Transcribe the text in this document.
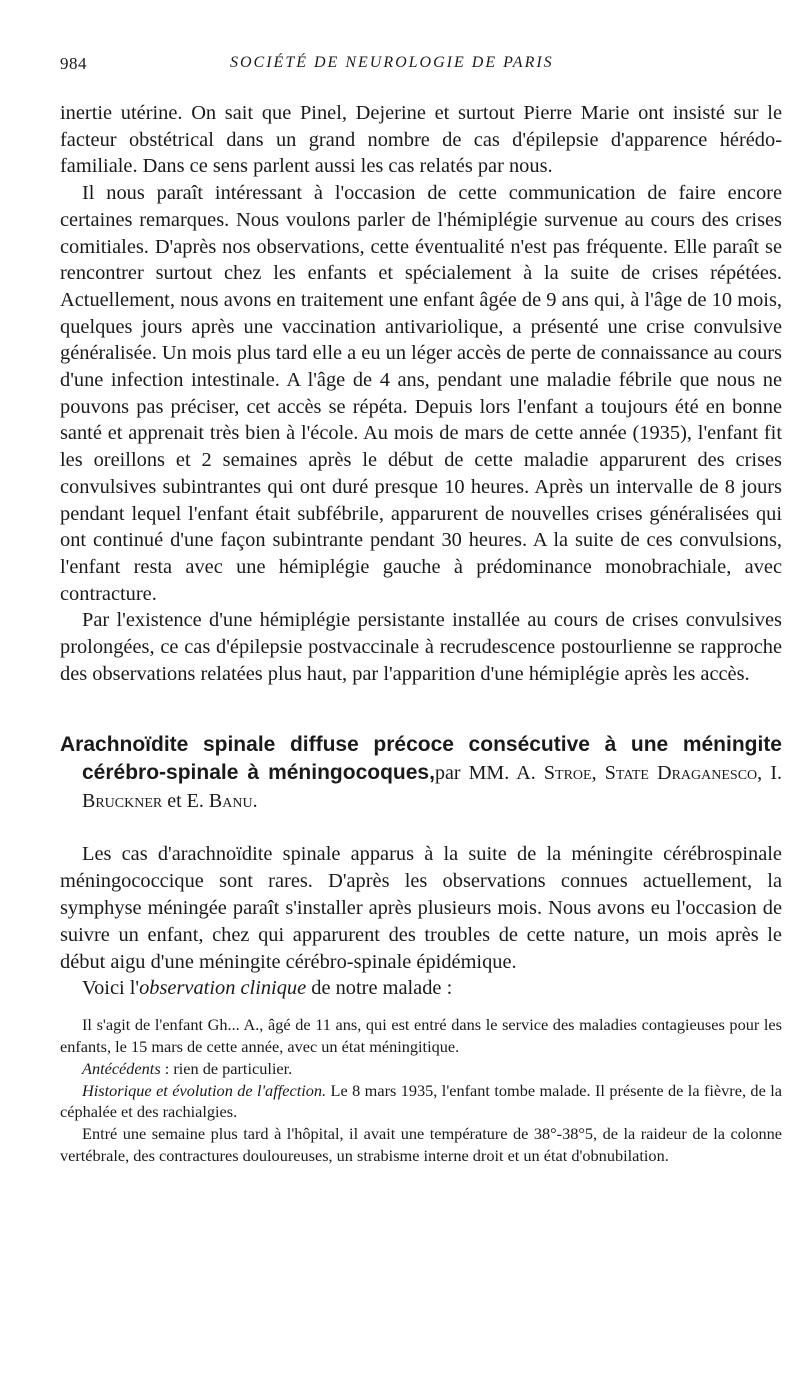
984	SOCIÉTÉ DE NEUROLOGIE DE PARIS

inertie utérine. On sait que Pinel, Dejerine et surtout Pierre Marie ont insisté sur le facteur obstétrical dans un grand nombre de cas d'épilepsie d'apparence hérédo-familiale. Dans ce sens parlent aussi les cas relatés par nous.

Il nous paraît intéressant à l'occasion de cette communication de faire encore certaines remarques. Nous voulons parler de l'hémiplégie survenue au cours des crises comitiales. D'après nos observations, cette éventualité n'est pas fréquente. Elle paraît se rencontrer surtout chez les enfants et spécialement à la suite de crises répétées. Actuellement, nous avons en traitement une enfant âgée de 9 ans qui, à l'âge de 10 mois, quelques jours après une vaccination antivariolique, a présenté une crise convulsive généralisée. Un mois plus tard elle a eu un léger accès de perte de connaissance au cours d'une infection intestinale. A l'âge de 4 ans, pendant une maladie fébrile que nous ne pouvons pas préciser, cet accès se répéta. Depuis lors l'enfant a toujours été en bonne santé et apprenait très bien à l'école. Au mois de mars de cette année (1935), l'enfant fit les oreillons et 2 semaines après le début de cette maladie apparurent des crises convulsives subintrantes qui ont duré presque 10 heures. Après un intervalle de 8 jours pendant lequel l'enfant était subfébrile, apparurent de nouvelles crises généralisées qui ont continué d'une façon subintrante pendant 30 heures. A la suite de ces convulsions, l'enfant resta avec une hémiplégie gauche à prédominance monobrachiale, avec contracture.

Par l'existence d'une hémiplégie persistante installée au cours de crises convulsives prolongées, ce cas d'épilepsie postvaccinale à recrudescence postourlienne se rapproche des observations relatées plus haut, par l'apparition d'une hémiplégie après les accès.

Arachnoïdite spinale diffuse précoce consécutive à une méningite cérébro-spinale à méningocoques,par MM. A. Stroe, State Draganesco, I. Bruckner et E. Banu.

Les cas d'arachnoïdite spinale apparus à la suite de la méningite cérébrospinale méningococcique sont rares. D'après les observations connues actuellement, la symphyse méningée paraît s'installer après plusieurs mois. Nous avons eu l'occasion de suivre un enfant, chez qui apparurent des troubles de cette nature, un mois après le début aigu d'une méningite cérébro-spinale épidémique.

Voici l'observation clinique de notre malade :

Il s'agit de l'enfant Gh... A., âgé de 11 ans, qui est entré dans le service des maladies contagieuses pour les enfants, le 15 mars de cette année, avec un état méningitique.

Antécédents : rien de particulier.

Historique et évolution de l'affection. Le 8 mars 1935, l'enfant tombe malade. Il présente de la fièvre, de la céphalée et des rachialgies.

Entré une semaine plus tard à l'hôpital, il avait une température de 38°-38°5, de la raideur de la colonne vertébrale, des contractures douloureuses, un strabisme interne droit et un état d'obnubilation.
